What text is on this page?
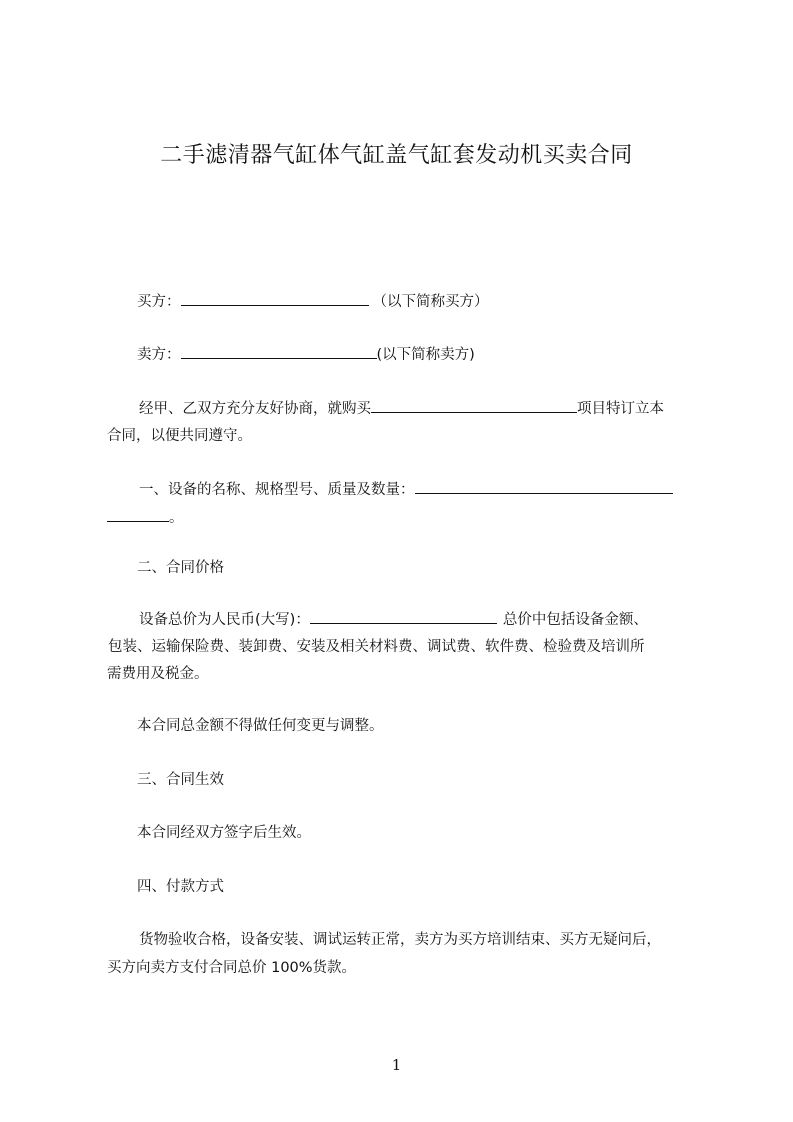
二手滤清器气缸体气缸盖气缸套发动机买卖合同
买方：	（以下简称买方）
卖方：	(以下简称卖方)
经甲、乙双方充分友好协商，就购买	项目特订立本
合同，以便共同遵守。
一、设备的名称、规格型号、质量及数量：
。
二、合同价格
设备总价为人民币(大写)：	总价中包括设备金额、
包装、运输保险费、装卸费、安装及相关材料费、调试费、软件费、检验费及培训所
需费用及税金。
本合同总金额不得做任何变更与调整。
三、合同生效
本合同经双方签字后生效。
四、付款方式
货物验收合格，设备安装、调试运转正常，卖方为买方培训结束、买方无疑问后，
买方向卖方支付合同总价 100%货款。
1
